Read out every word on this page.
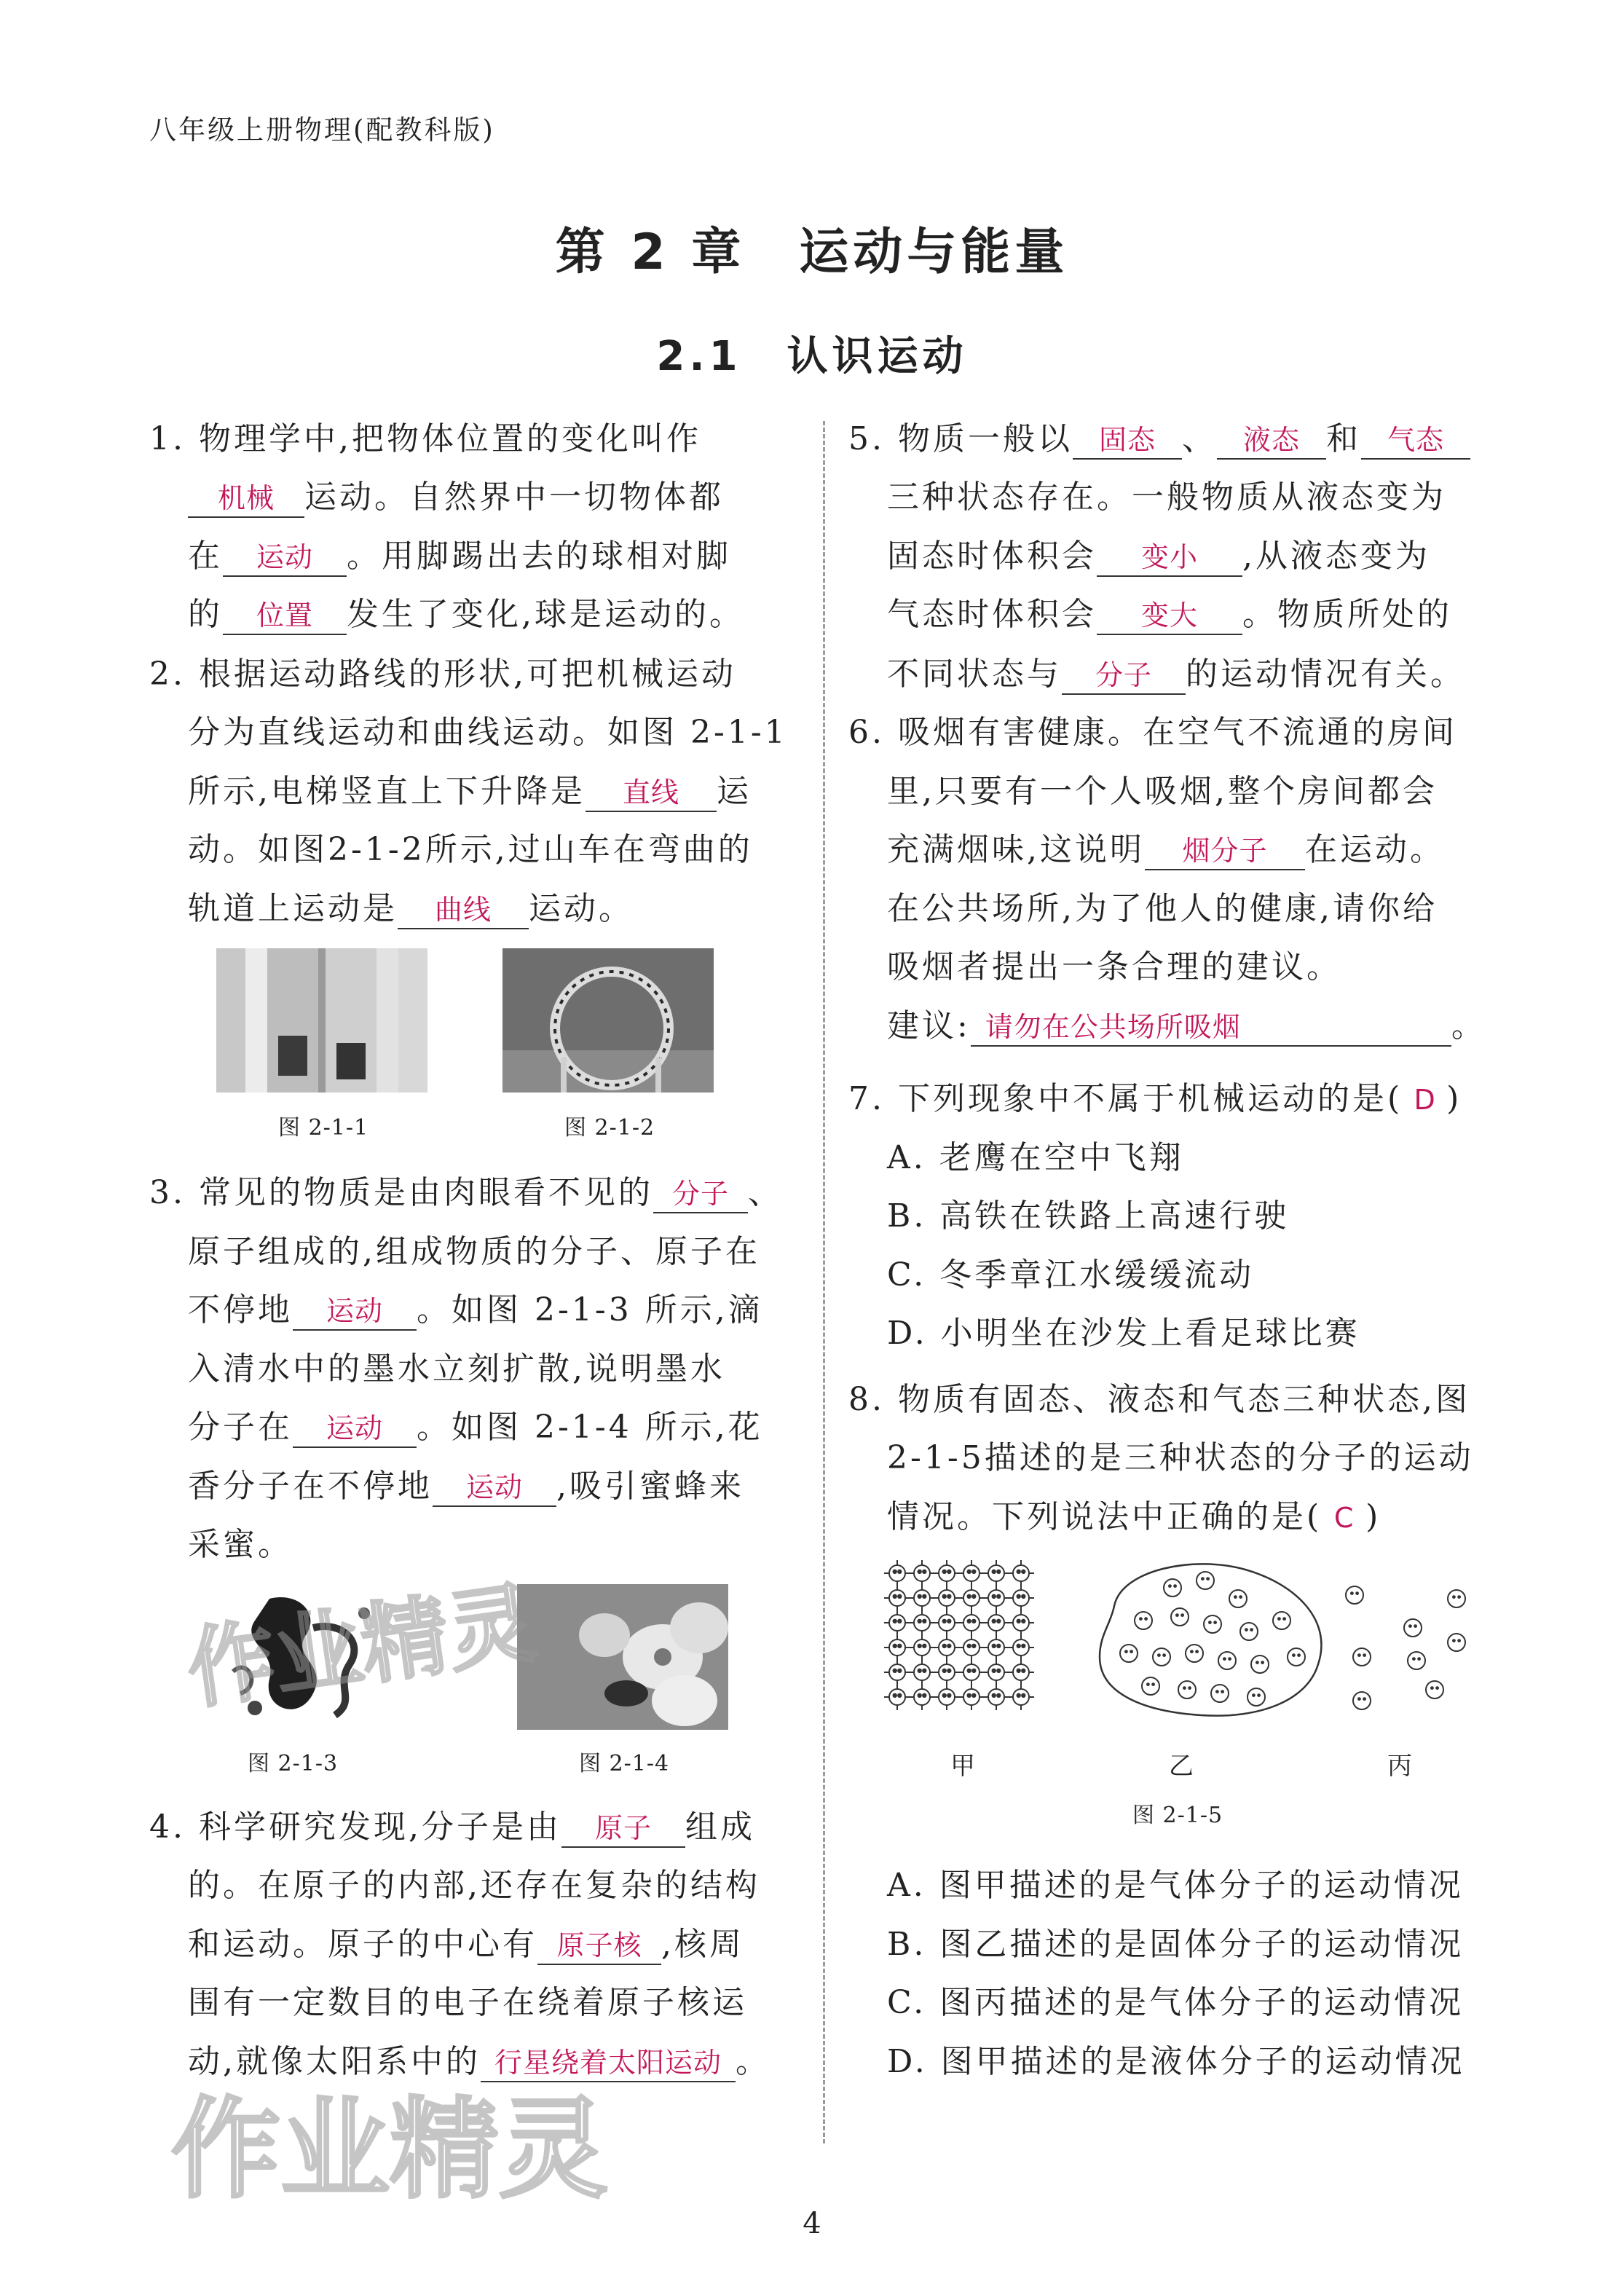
八年级上册物理(配教科版)
第 2 章　运动与能量
2.1　认识运动
1. 物理学中,把物体位置的变化叫作
机械 运动。自然界中一切物体都
在 运动 。用脚踢出去的球相对脚
的 位置 发生了变化,球是运动的。
2. 根据运动路线的形状,可把机械运动
分为直线运动和曲线运动。如图 2-1-1
所示,电梯竖直上下升降是 直线 运
动。如图2-1-2所示,过山车在弯曲的
轨道上运动是 曲线 运动。
图 2-1-1	图 2-1-2
3. 常见的物质是由肉眼看不见的 分子 、
原子组成的,组成物质的分子、原子在
不停地 运动 。如图 2-1-3 所示,滴
入清水中的墨水立刻扩散,说明墨水
分子在 运动 。如图 2-1-4 所示,花
香分子在不停地 运动 ,吸引蜜蜂来
采蜜。
图 2-1-3	图 2-1-4
4. 科学研究发现,分子是由 原子 组成
的。在原子的内部,还存在复杂的结构
和运动。原子的中心有 原子核 ,核周
围有一定数目的电子在绕着原子核运
动,就像太阳系中的 行星绕着太阳运动 。
5. 物质一般以 固态 、 液态 和 气态
三种状态存在。一般物质从液态变为
固态时体积会 变小 ,从液态变为
气态时体积会 变大 。物质所处的
不同状态与 分子 的运动情况有关。
6. 吸烟有害健康。在空气不流通的房间
里,只要有一个人吸烟,整个房间都会
充满烟味,这说明 烟分子 在运动。
在公共场所,为了他人的健康,请你给
吸烟者提出一条合理的建议。
建议: 请勿在公共场所吸烟	。
7. 下列现象中不属于机械运动的是( D )
A. 老鹰在空中飞翔
B. 高铁在铁路上高速行驶
C. 冬季章江水缓缓流动
D. 小明坐在沙发上看足球比赛
8. 物质有固态、液态和气态三种状态,图
2-1-5描述的是三种状态的分子的运动
情况。下列说法中正确的是( C )
甲	乙	丙
图 2-1-5
A. 图甲描述的是气体分子的运动情况
B. 图乙描述的是固体分子的运动情况
C. 图丙描述的是气体分子的运动情况
D. 图甲描述的是液体分子的运动情况
作业精灵
作业精灵
4
